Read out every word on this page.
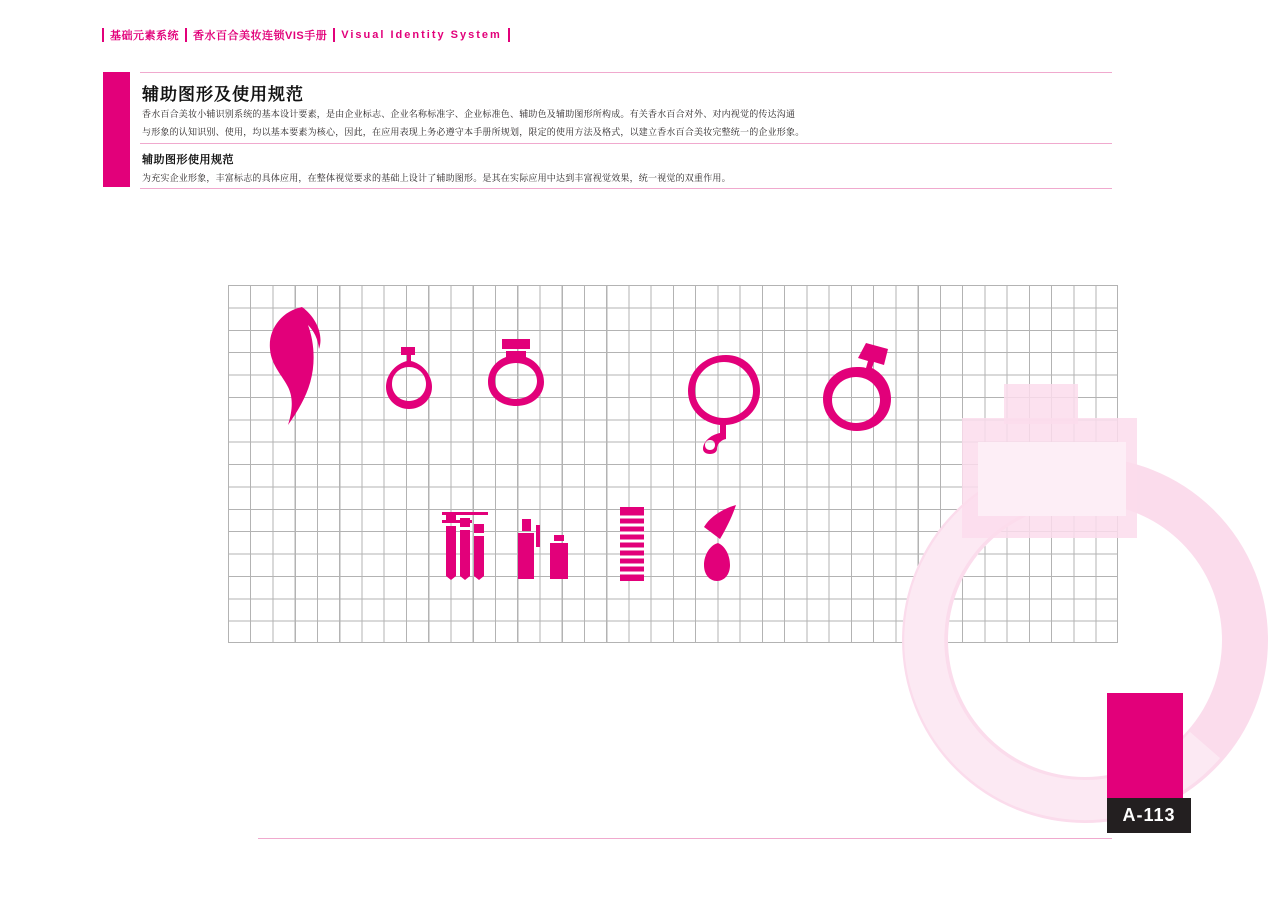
基础元素系统 香水百合美妆连锁VIS手册 Visual Identity System
辅助图形及使用规范
香水百合美妆小辅识别系统的基本设计要素，是由企业标志、企业名称标准字、企业标准色、辅助色及辅助图形所构成。有关香水百合对外、对内视觉的传达沟通
与形象的认知识别、使用，均以基本要素为核心，因此，在应用表现上务必遵守本手册所规划，限定的使用方法及格式，以建立香水百合美妆完整统一的企业形象。
辅助图形使用规范
为充实企业形象，丰富标志的具体应用，在整体视觉要求的基础上设计了辅助图形。是其在实际应用中达到丰富视觉效果，统一视觉的双重作用。
A-113
